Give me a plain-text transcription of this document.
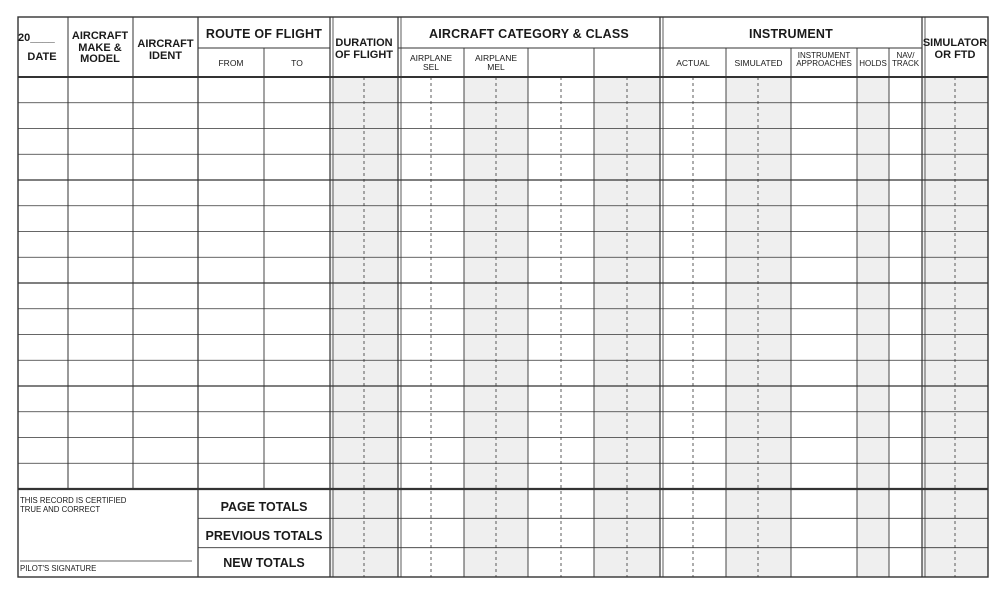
20____
DATE
AIRCRAFT
MAKE &
MODEL
AIRCRAFT
IDENT
ROUTE OF FLIGHT
FROM	TO
DURATION
OF FLIGHT
AIRCRAFT CATEGORY & CLASS
AIRPLANE
SEL
AIRPLANE
MEL
INSTRUMENT
ACTUAL	SIMULATED
INSTRUMENT
APPROACHES HOLDS
NAV/
TRACK
SIMULATOR
OR FTD
THIS RECORD IS CERTIFIED
TRUE AND CORRECT
PILOT'S SIGNATURE
PAGE TOTALS
PREVIOUS TOTALS
NEW TOTALS
